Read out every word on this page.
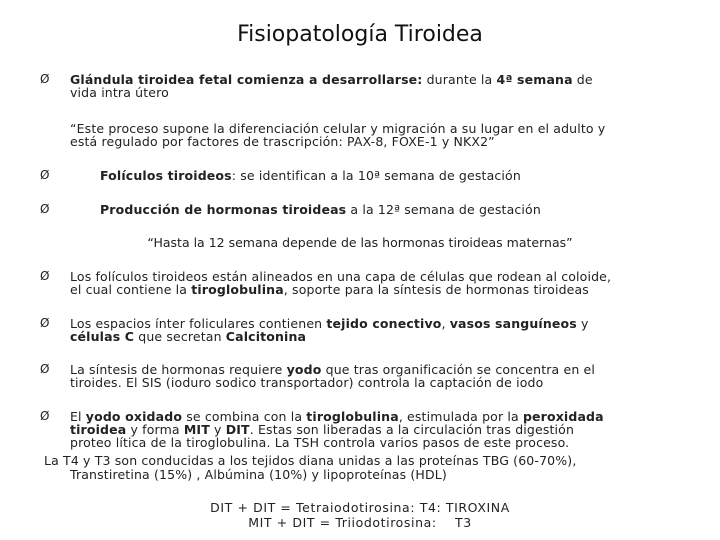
Fisiopatología Tiroidea
Ø Glándula tiroidea fetal comienza a desarrollarse: durante la 4ª semana de
vida intra útero
“Este proceso supone la diferenciación celular y migración a su lugar en el adulto y
está regulado por factores de trascripción: PAX-8, FOXE-1 y NKX2”
Ø	Folículos tiroideos: se identifican a la 10ª semana de gestación
Ø	Producción de hormonas tiroideas a la 12ª semana de gestación
“Hasta la 12 semana depende de las hormonas tiroideas maternas”
Ø Los folículos tiroideos están alineados en una capa de células que rodean al coloide,
el cual contiene la tiroglobulina, soporte para la síntesis de hormonas tiroideas
Ø Los espacios ínter foliculares contienen tejido conectivo, vasos sanguíneos y
células C que secretan Calcitonina
Ø La síntesis de hormonas requiere yodo que tras organificación se concentra en el
tiroides. El SIS (ioduro sodico transportador) controla la captación de iodo
Ø El yodo oxidado se combina con la tiroglobulina, estimulada por la peroxidada
tiroidea y forma MIT y DIT. Estas son liberadas a la circulación tras digestión
proteo lítica de la tiroglobulina. La TSH controla varios pasos de este proceso.
La T4 y T3 son conducidas a los tejidos diana unidas a las proteínas TBG (60-70%),
Transtiretina (15%) , Albúmina (10%) y lipoproteínas (HDL)
DIT + DIT = Tetraiodotirosina: T4: TIROXINA
MIT + DIT = Triiodotirosina:    T3
